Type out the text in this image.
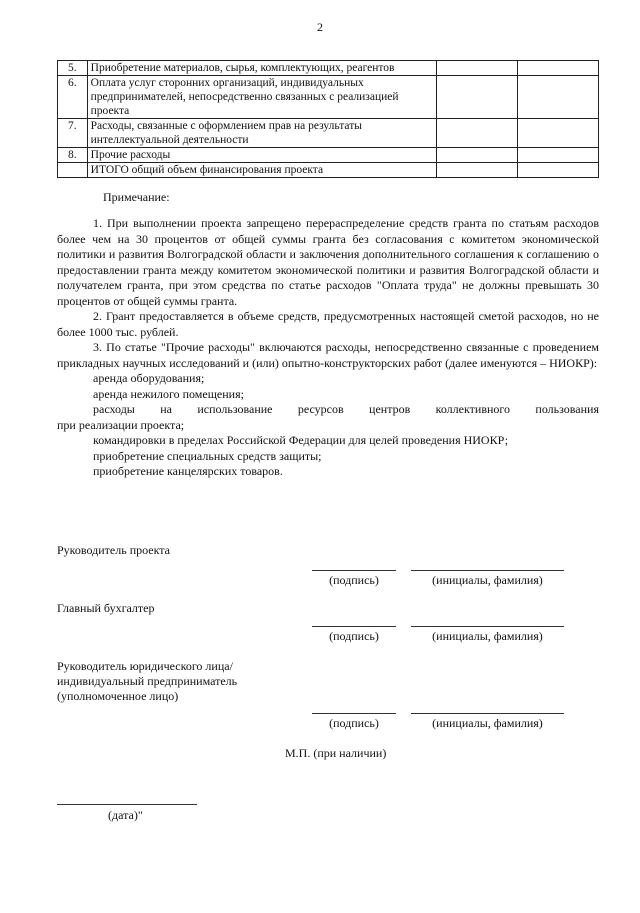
2
5.	Приобретение материалов, сырья, комплектующих, реагентов		
6.	Оплата услуг сторонних организаций, индивидуальных предпринимателей, непосредственно связанных с реализацией проекта		
7.	Расходы, связанные с оформлением прав на результаты интеллектуальной деятельности		
8.	Прочие расходы		
	ИТОГО общий объем финансирования проекта		
Примечание:

1. При выполнении проекта запрещено перераспределение средств гранта по статьям расходов более чем на 30 процентов от общей суммы гранта без согласования с комитетом экономической политики и развития Волгоградской области и заключения дополнительного соглашения к соглашению о предоставлении гранта между комитетом экономической политики и развития Волгоградской области и получателем гранта, при этом средства по статье расходов "Оплата труда" не должны превышать 30 процентов от общей суммы гранта.

2. Грант предоставляется в объеме средств, предусмотренных настоящей сметой расходов, но не более 1000 тыс. рублей.

3. По статье "Прочие расходы" включаются расходы, непосредственно связанные с проведением прикладных научных исследований и (или) опытно-конструкторских работ (далее именуются – НИОКР):

аренда оборудования;

аренда нежилого помещения;

расходы на использование ресурсов центров коллективного пользования

при реализации проекта;

командировки в пределах Российской Федерации для целей проведения НИОКР;

приобретение специальных средств защиты;

приобретение канцелярских товаров.

Руководитель проекта
(подпись)	(инициалы, фамилия)
Главный бухгалтер
(подпись)	(инициалы, фамилия)
Руководитель юридического лица/
индивидуальный предприниматель
(уполномоченное лицо)
(подпись)	(инициалы, фамилия)
М.П. (при наличии)
(дата)"
